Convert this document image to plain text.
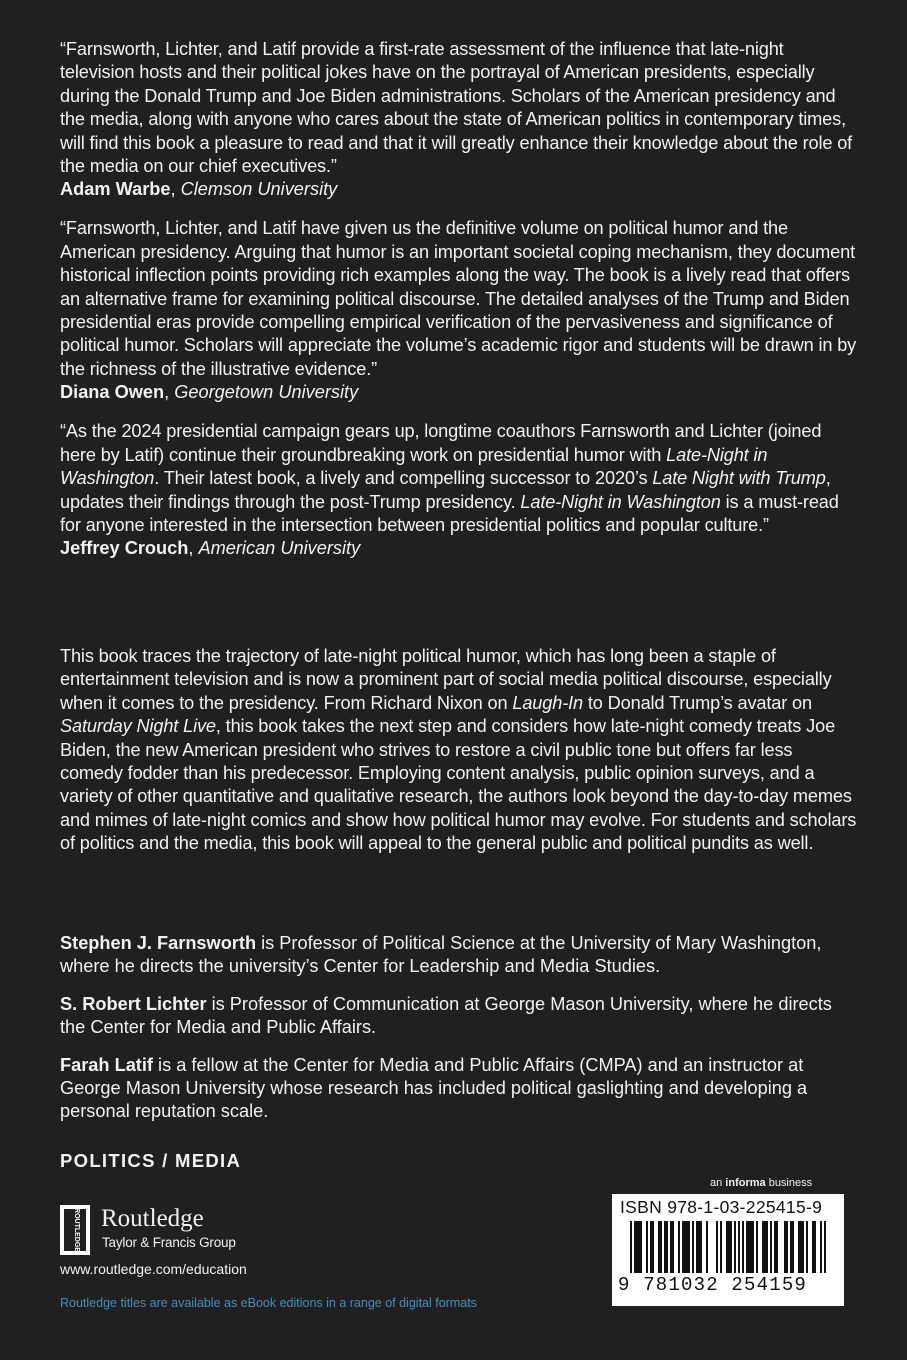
“Farnsworth, Lichter, and Latif provide a first-rate assessment of the influence that late-night television hosts and their political jokes have on the portrayal of American presidents, especially during the Donald Trump and Joe Biden administrations. Scholars of the American presidency and the media, along with anyone who cares about the state of American politics in contemporary times, will find this book a pleasure to read and that it will greatly enhance their knowledge about the role of the media on our chief executives.”

Adam Warbe, Clemson University

“Farnsworth, Lichter, and Latif have given us the definitive volume on political humor and the American presidency. Arguing that humor is an important societal coping mechanism, they document historical inflection points providing rich examples along the way. The book is a lively read that offers an alternative frame for examining political discourse. The detailed analyses of the Trump and Biden presidential eras provide compelling empirical verification of the pervasiveness and significance of political humor. Scholars will appreciate the volume’s academic rigor and students will be drawn in by the richness of the illustrative evidence.”

Diana Owen, Georgetown University

“As the 2024 presidential campaign gears up, longtime coauthors Farnsworth and Lichter (joined here by Latif) continue their groundbreaking work on presidential humor with Late-Night in Washington. Their latest book, a lively and compelling successor to 2020’s Late Night with Trump, updates their findings through the post-Trump presidency. Late-Night in Washington is a must-read for anyone interested in the intersection between presidential politics and popular culture.”

Jeffrey Crouch, American University

This book traces the trajectory of late-night political humor, which has long been a staple of entertainment television and is now a prominent part of social media political discourse, especially when it comes to the presidency. From Richard Nixon on Laugh-In to Donald Trump’s avatar on Saturday Night Live, this book takes the next step and considers how late-night comedy treats Joe Biden, the new American president who strives to restore a civil public tone but offers far less comedy fodder than his predecessor. Employing content analysis, public opinion surveys, and a variety of other quantitative and qualitative research, the authors look beyond the day-to-day memes and mimes of late-night comics and show how political humor may evolve. For students and scholars of politics and the media, this book will appeal to the general public and political pundits as well.

Stephen J. Farnsworth is Professor of Political Science at the University of Mary Washington, where he directs the university’s Center for Leadership and Media Studies.

S. Robert Lichter is Professor of Communication at George Mason University, where he directs the Center for Media and Public Affairs.

Farah Latif is a fellow at the Center for Media and Public Affairs (CMPA) and an instructor at George Mason University whose research has included political gaslighting and developing a personal reputation scale.

POLITICS / MEDIA
ROUTLEDGE Routledge
Taylor & Francis Group
www.routledge.com/education
Routledge titles are available as eBook editions in a range of digital formats
an informa business
ISBN 978-1-03-225415-9
9 781032 254159
